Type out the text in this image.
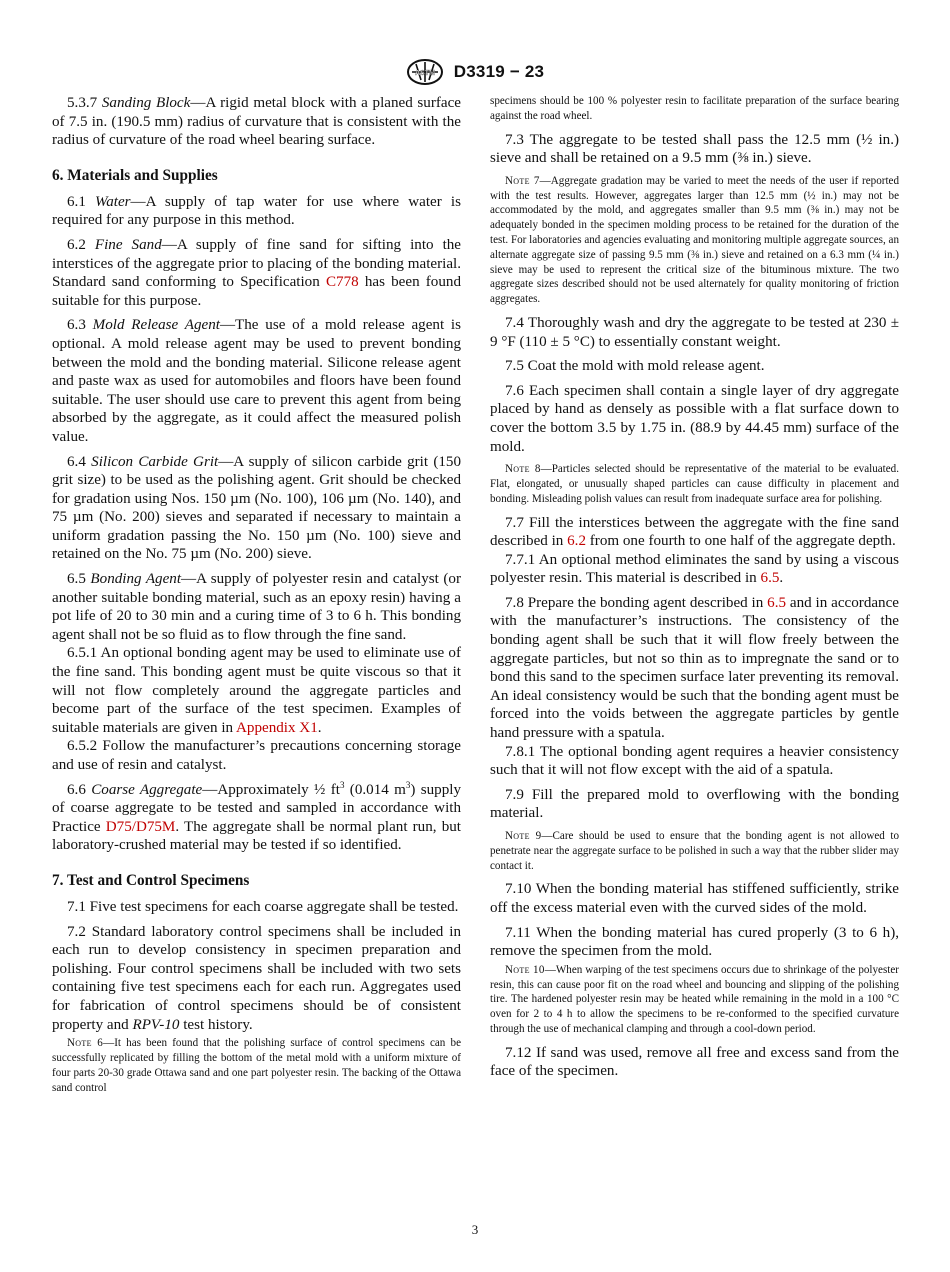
ASTM D3319 − 23

5.3.7 Sanding Block—A rigid metal block with a planed surface of 7.5 in. (190.5 mm) radius of curvature that is consistent with the radius of curvature of the road wheel bearing surface.

6. Materials and Supplies

6.1 Water—A supply of tap water for use where water is required for any purpose in this method.

6.2 Fine Sand—A supply of fine sand for sifting into the interstices of the aggregate prior to placing of the bonding material. Standard sand conforming to Specification C778 has been found suitable for this purpose.

6.3 Mold Release Agent—The use of a mold release agent is optional. A mold release agent may be used to prevent bonding between the mold and the bonding material. Silicone release agent and paste wax as used for automobiles and floors have been found suitable. The user should use care to prevent this agent from being absorbed by the aggregate, as it could affect the measured polish value.

6.4 Silicon Carbide Grit—A supply of silicon carbide grit (150 grit size) to be used as the polishing agent. Grit should be checked for gradation using Nos. 150 µm (No. 100), 106 µm (No. 140), and 75 µm (No. 200) sieves and separated if necessary to maintain a uniform gradation passing the No. 150 µm (No. 100) sieve and retained on the No. 75 µm (No. 200) sieve.

6.5 Bonding Agent—A supply of polyester resin and catalyst (or another suitable bonding material, such as an epoxy resin) having a pot life of 20 to 30 min and a curing time of 3 to 6 h. This bonding agent shall not be so fluid as to flow through the fine sand.

6.5.1 An optional bonding agent may be used to eliminate use of the fine sand. This bonding agent must be quite viscous so that it will not flow completely around the aggregate particles and become part of the surface of the test specimen. Examples of suitable materials are given in Appendix X1.

6.5.2 Follow the manufacturer’s precautions concerning storage and use of resin and catalyst.

6.6 Coarse Aggregate—Approximately ½ $ft^3$ (0.014 $m^3$) supply of coarse aggregate to be tested and sampled in accordance with Practice D75/D75M. The aggregate shall be normal plant run, but laboratory-crushed material may be tested if so identified.

7. Test and Control Specimens

7.1 Five test specimens for each coarse aggregate shall be tested.

7.2 Standard laboratory control specimens shall be included in each run to develop consistency in specimen preparation and polishing. Four control specimens shall be included with two sets containing five test specimens each for each run. Aggregates used for fabrication of control specimens should be of consistent property and RPV-10 test history.

Note 6—It has been found that the polishing surface of control specimens can be successfully replicated by filling the bottom of the metal mold with a uniform mixture of four parts 20-30 grade Ottawa sand and one part polyester resin. The backing of the Ottawa sand control

specimens should be 100 % polyester resin to facilitate preparation of the surface bearing against the road wheel.

7.3 The aggregate to be tested shall pass the 12.5 mm (½ in.) sieve and shall be retained on a 9.5 mm (⅜ in.) sieve.

Note 7—Aggregate gradation may be varied to meet the needs of the user if reported with the test results. However, aggregates larger than 12.5 mm (½ in.) may not be accommodated by the mold, and aggregates smaller than 9.5 mm (⅜ in.) may not be adequately bonded in the specimen molding process to be retained for the duration of the test. For laboratories and agencies evaluating and monitoring multiple aggregate sources, an alternate aggregate size of passing 9.5 mm (⅜ in.) sieve and retained on a 6.3 mm (¼ in.) sieve may be used to represent the critical size of the bituminous mixture. The two aggregate sizes described should not be used alternately for quality monitoring of friction aggregates.

7.4 Thoroughly wash and dry the aggregate to be tested at 230 ± 9 °F (110 ± 5 °C) to essentially constant weight.

7.5 Coat the mold with mold release agent.

7.6 Each specimen shall contain a single layer of dry aggregate placed by hand as densely as possible with a flat surface down to cover the bottom 3.5 by 1.75 in. (88.9 by 44.45 mm) surface of the mold.

Note 8—Particles selected should be representative of the material to be evaluated. Flat, elongated, or unusually shaped particles can cause difficulty in placement and bonding. Misleading polish values can result from inadequate surface area for polishing.

7.7 Fill the interstices between the aggregate with the fine sand described in 6.2 from one fourth to one half of the aggregate depth.

7.7.1 An optional method eliminates the sand by using a viscous polyester resin. This material is described in 6.5.

7.8 Prepare the bonding agent described in 6.5 and in accordance with the manufacturer’s instructions. The consistency of the bonding agent shall be such that it will flow freely between the aggregate particles, but not so thin as to impregnate the sand or to bond this sand to the specimen surface later preventing its removal. An ideal consistency would be such that the bonding agent must be forced into the voids between the aggregate particles by gentle hand pressure with a spatula.

7.8.1 The optional bonding agent requires a heavier consistency such that it will not flow except with the aid of a spatula.

7.9 Fill the prepared mold to overflowing with the bonding material.

Note 9—Care should be used to ensure that the bonding agent is not allowed to penetrate near the aggregate surface to be polished in such a way that the rubber slider may contact it.

7.10 When the bonding material has stiffened sufficiently, strike off the excess material even with the curved sides of the mold.

7.11 When the bonding material has cured properly (3 to 6 h), remove the specimen from the mold.

Note 10—When warping of the test specimens occurs due to shrinkage of the polyester resin, this can cause poor fit on the road wheel and bouncing and slipping of the polishing tire. The hardened polyester resin may be heated while remaining in the mold in a 100 °C oven for 2 to 4 h to allow the specimens to be re-conformed to the specified curvature through the use of mechanical clamping and through a cool-down period.

7.12 If sand was used, remove all free and excess sand from the face of the specimen.

3
